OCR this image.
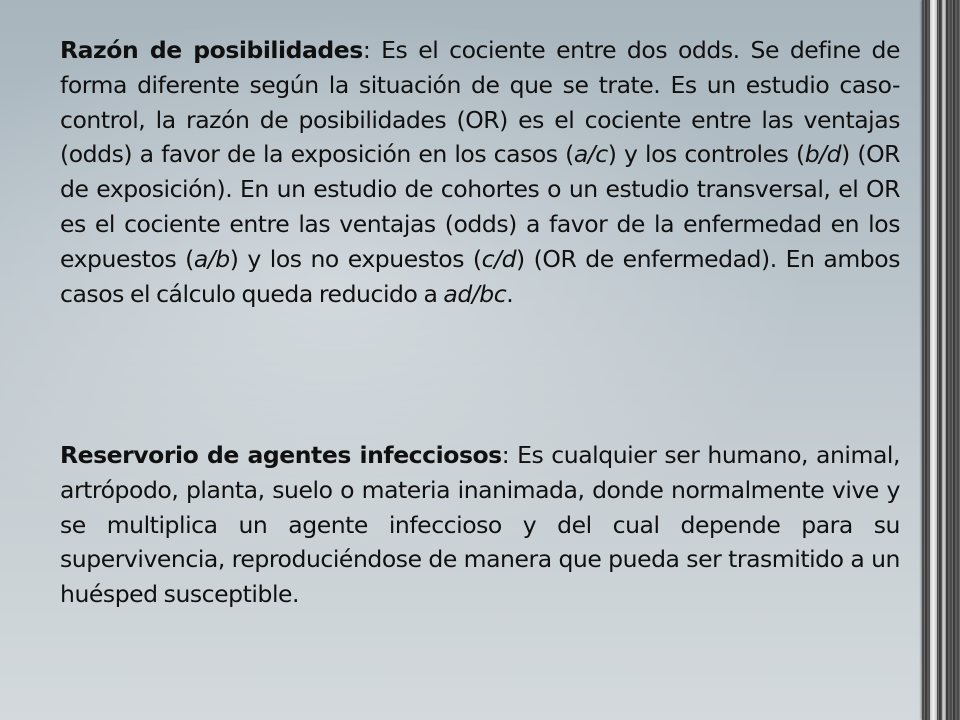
Razón de posibilidades: Es el cociente entre dos odds. Se define de forma diferente según la situación de que se trate. Es un estudio caso-control, la razón de posibilidades (OR) es el cociente entre las ventajas (odds) a favor de la exposición en los casos (a/c) y los controles (b/d) (OR de exposición). En un estudio de cohortes o un estudio transversal, el OR es el cociente entre las ventajas (odds) a favor de la enfermedad en los expuestos (a/b) y los no expuestos (c/d) (OR de enfermedad). En ambos casos el cálculo queda reducido a ad/bc.

Reservorio de agentes infecciosos: Es cualquier ser humano, animal, artrópodo, planta, suelo o materia inanimada, donde normalmente vive y se multiplica un agente infeccioso y del cual depende para su supervivencia, reproduciéndose de manera que pueda ser trasmitido a un huésped susceptible.
